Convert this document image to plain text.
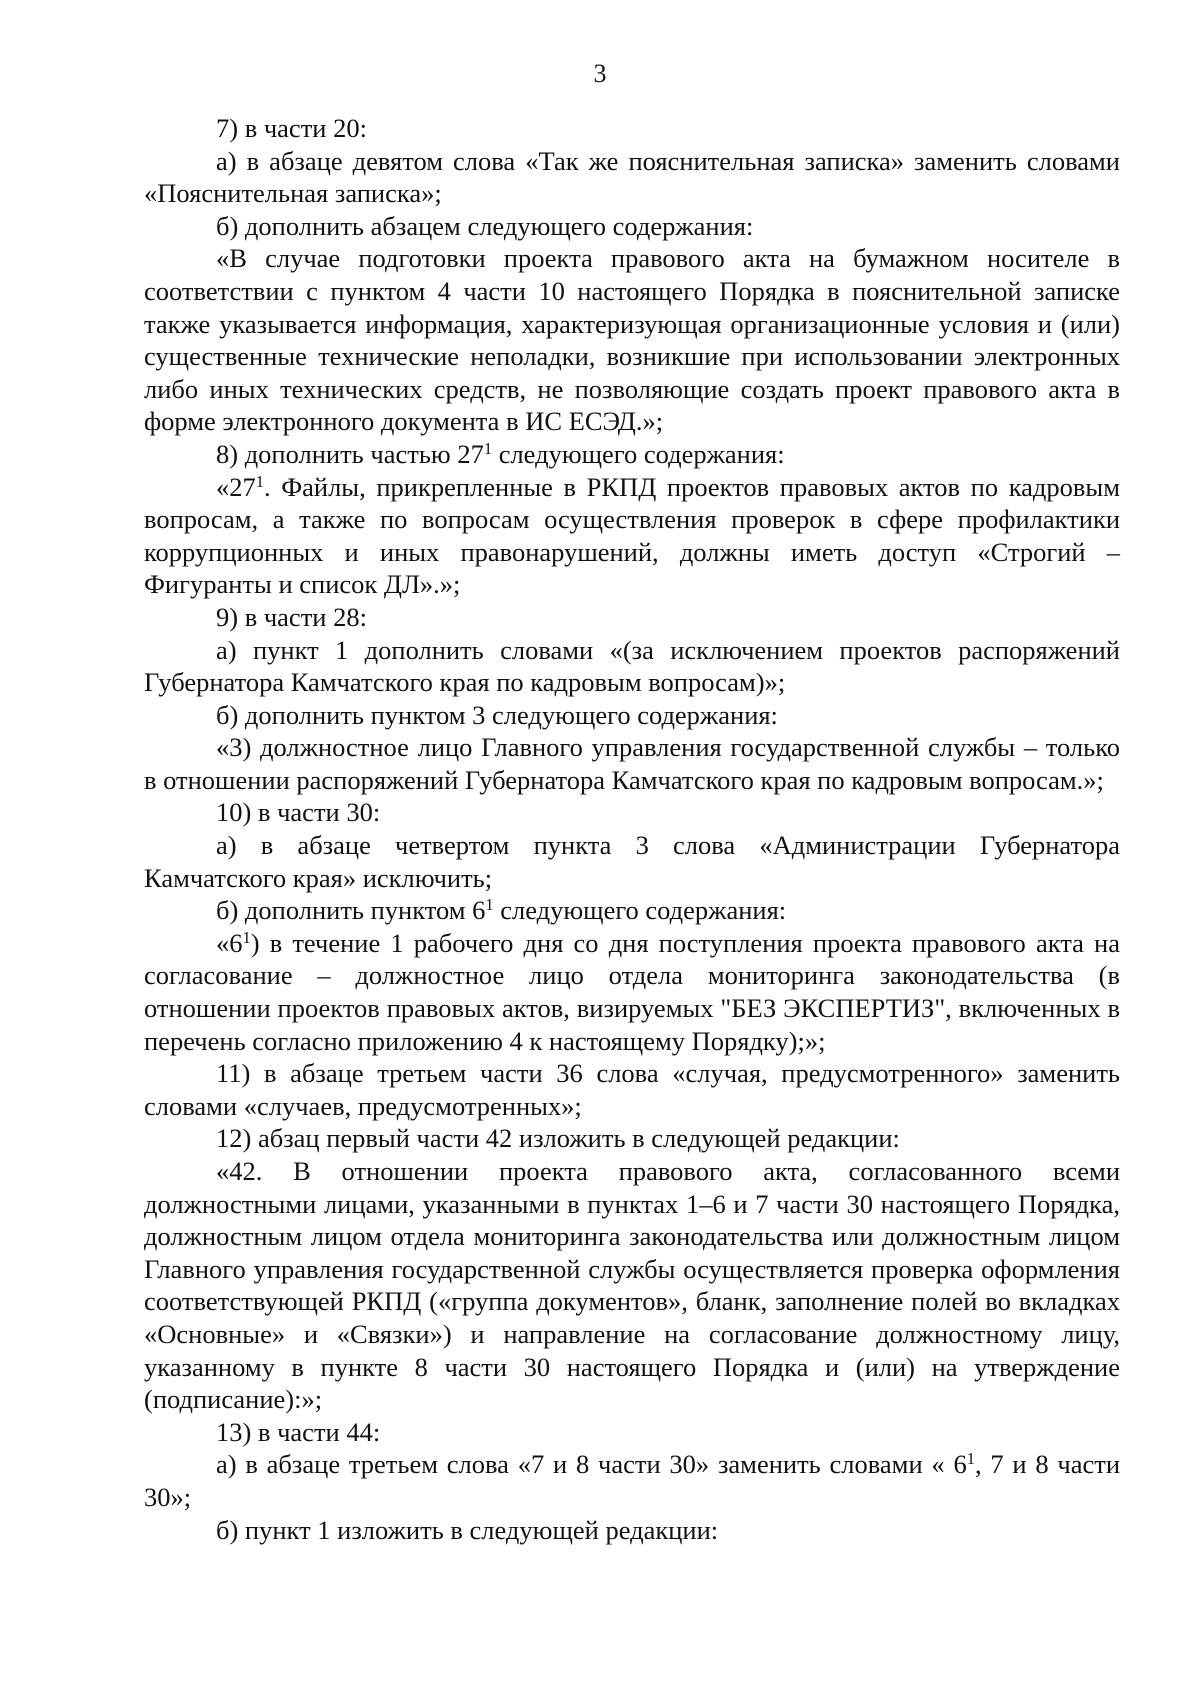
3

7) в части 20:

а) в абзаце девятом слова «Так же пояснительная записка» заменить словами «Пояснительная записка»;

б) дополнить абзацем следующего содержания:

«В случае подготовки проекта правового акта на бумажном носителе в соответствии с пунктом 4 части 10 настоящего Порядка в пояснительной записке также указывается информация, характеризующая организационные условия и (или) существенные технические неполадки, возникшие при использовании электронных либо иных технических средств, не позволяющие создать проект правового акта в форме электронного документа в ИС ЕСЭД.»;

8) дополнить частью $27^1$ следующего содержания:

«$27^1$. Файлы, прикрепленные в РКПД проектов правовых актов по кадровым вопросам, а также по вопросам осуществления проверок в сфере профилактики коррупционных и иных правонарушений, должны иметь доступ «Строгий – Фигуранты и список ДЛ».»;

9) в части 28:

а) пункт 1 дополнить словами «(за исключением проектов распоряжений Губернатора Камчатского края по кадровым вопросам)»;

б) дополнить пунктом 3 следующего содержания:

«3) должностное лицо Главного управления государственной службы – только в отношении распоряжений Губернатора Камчатского края по кадровым вопросам.»;

10) в части 30:

а) в абзаце четвертом пункта 3 слова «Администрации Губернатора Камчатского края» исключить;

б) дополнить пунктом $6^1$ следующего содержания:

«$6^1$) в течение 1 рабочего дня со дня поступления проекта правового акта на согласование – должностное лицо отдела мониторинга законодательства (в отношении проектов правовых актов, визируемых "БЕЗ ЭКСПЕРТИЗ", включенных в перечень согласно приложению 4 к настоящему Порядку);»;

11) в абзаце третьем части 36 слова «случая, предусмотренного» заменить словами «случаев, предусмотренных»;

12) абзац первый части 42 изложить в следующей редакции:

«42. В отношении проекта правового акта, согласованного всеми должностными лицами, указанными в пунктах 1–6 и 7 части 30 настоящего Порядка, должностным лицом отдела мониторинга законодательства или должностным лицом Главного управления государственной службы осуществляется проверка оформления соответствующей РКПД («группа документов», бланк, заполнение полей во вкладках «Основные» и «Связки») и направление на согласование должностному лицу, указанному в пункте 8 части 30 настоящего Порядка и (или) на утверждение (подписание):»;

13) в части 44:

а) в абзаце третьем слова «7 и 8 части 30» заменить словами « $6^1$, 7 и 8 части 30»;

б) пункт 1 изложить в следующей редакции:
